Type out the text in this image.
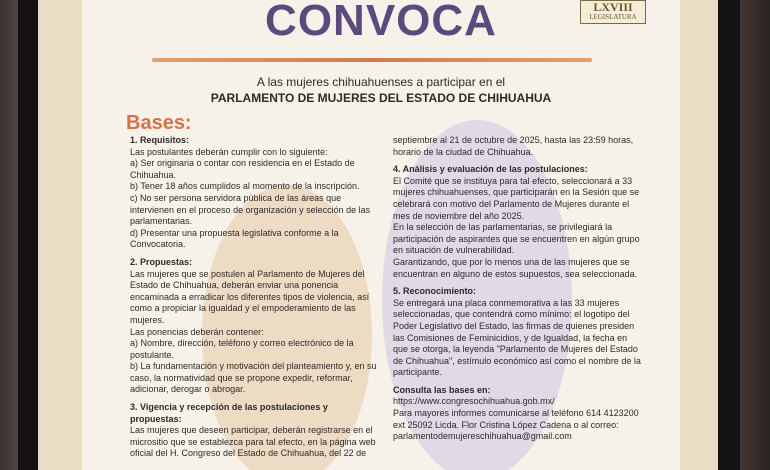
CONVOCA	LXVIII
LEGISLATURA
A las mujeres chihuahuenses a participar en el
PARLAMENTO DE MUJERES DEL ESTADO DE CHIHUAHUA
Bases:

1. Requisitos:

Las postulantes deberán cumplir con lo siguiente:

a) Ser originaria o contar con residencia en el Estado de Chihuahua.

b) Tener 18 años cumplidos al momento de la inscripción.

c) No ser persona servidora pública de las áreas que intervienen en el proceso de organización y selección de las parlamentarias.

d) Presentar una propuesta legislativa conforme a la Convocatoria.

2. Propuestas:

Las mujeres que se postulen al Parlamento de Mujeres del Estado de Chihuahua, deberán enviar una ponencia encaminada a erradicar los diferentes tipos de violencia, así como a propiciar la igualdad y el empoderamiento de las mujeres.

Las ponencias deberán contener:

a) Nombre, dirección, teléfono y correo electrónico de la postulante.

b) La fundamentación y motivación del planteamiento y, en su caso, la normatividad que se propone expedir, reformar, adicionar, derogar o abrogar.

3. Vigencia y recepción de las postulaciones y propuestas:

Las mujeres que deseen participar, deberán registrarse en el micrositio que se establezca para tal efecto, en la página web oficial del H. Congreso del Estado de Chihuahua, del 22 de

septiembre al 21 de octubre de 2025, hasta las 23:59 horas, horario de la ciudad de Chihuahua.

4. Análisis y evaluación de las postulaciones:

El Comité que se instituya para tal efecto, seleccionará a 33 mujeres chihuahuenses, que participarán en la Sesión que se celebrará con motivo del Parlamento de Mujeres durante el mes de noviembre del año 2025.

En la selección de las parlamentarias, se privilegiará la participación de aspirantes que se encuentren en algún grupo en situación de vulnerabilidad.

Garantizando, que por lo menos una de las mujeres que se encuentran en alguno de estos supuestos, sea seleccionada.

5. Reconocimiento:

Se entregará una placa conmemorativa a las 33 mujeres seleccionadas, que contendrá como mínimo: el logotipo del Poder Legislativo del Estado, las firmas de quienes presiden las Comisiones de Feminicidios, y de Igualdad, la fecha en que se otorga, la leyenda "Parlamento de Mujeres del Estado de Chihuahua", estímulo económico así como el nombre de la participante.

Consulta las bases en:

https://www.congresochihuahua.gob.mx/

Para mayores informes comunicarse al teléfono 614 4123200 ext 25092 Licda. Flor Cristina López Cadena o al correo: parlamentodemujereschihuahua@gmail.com
